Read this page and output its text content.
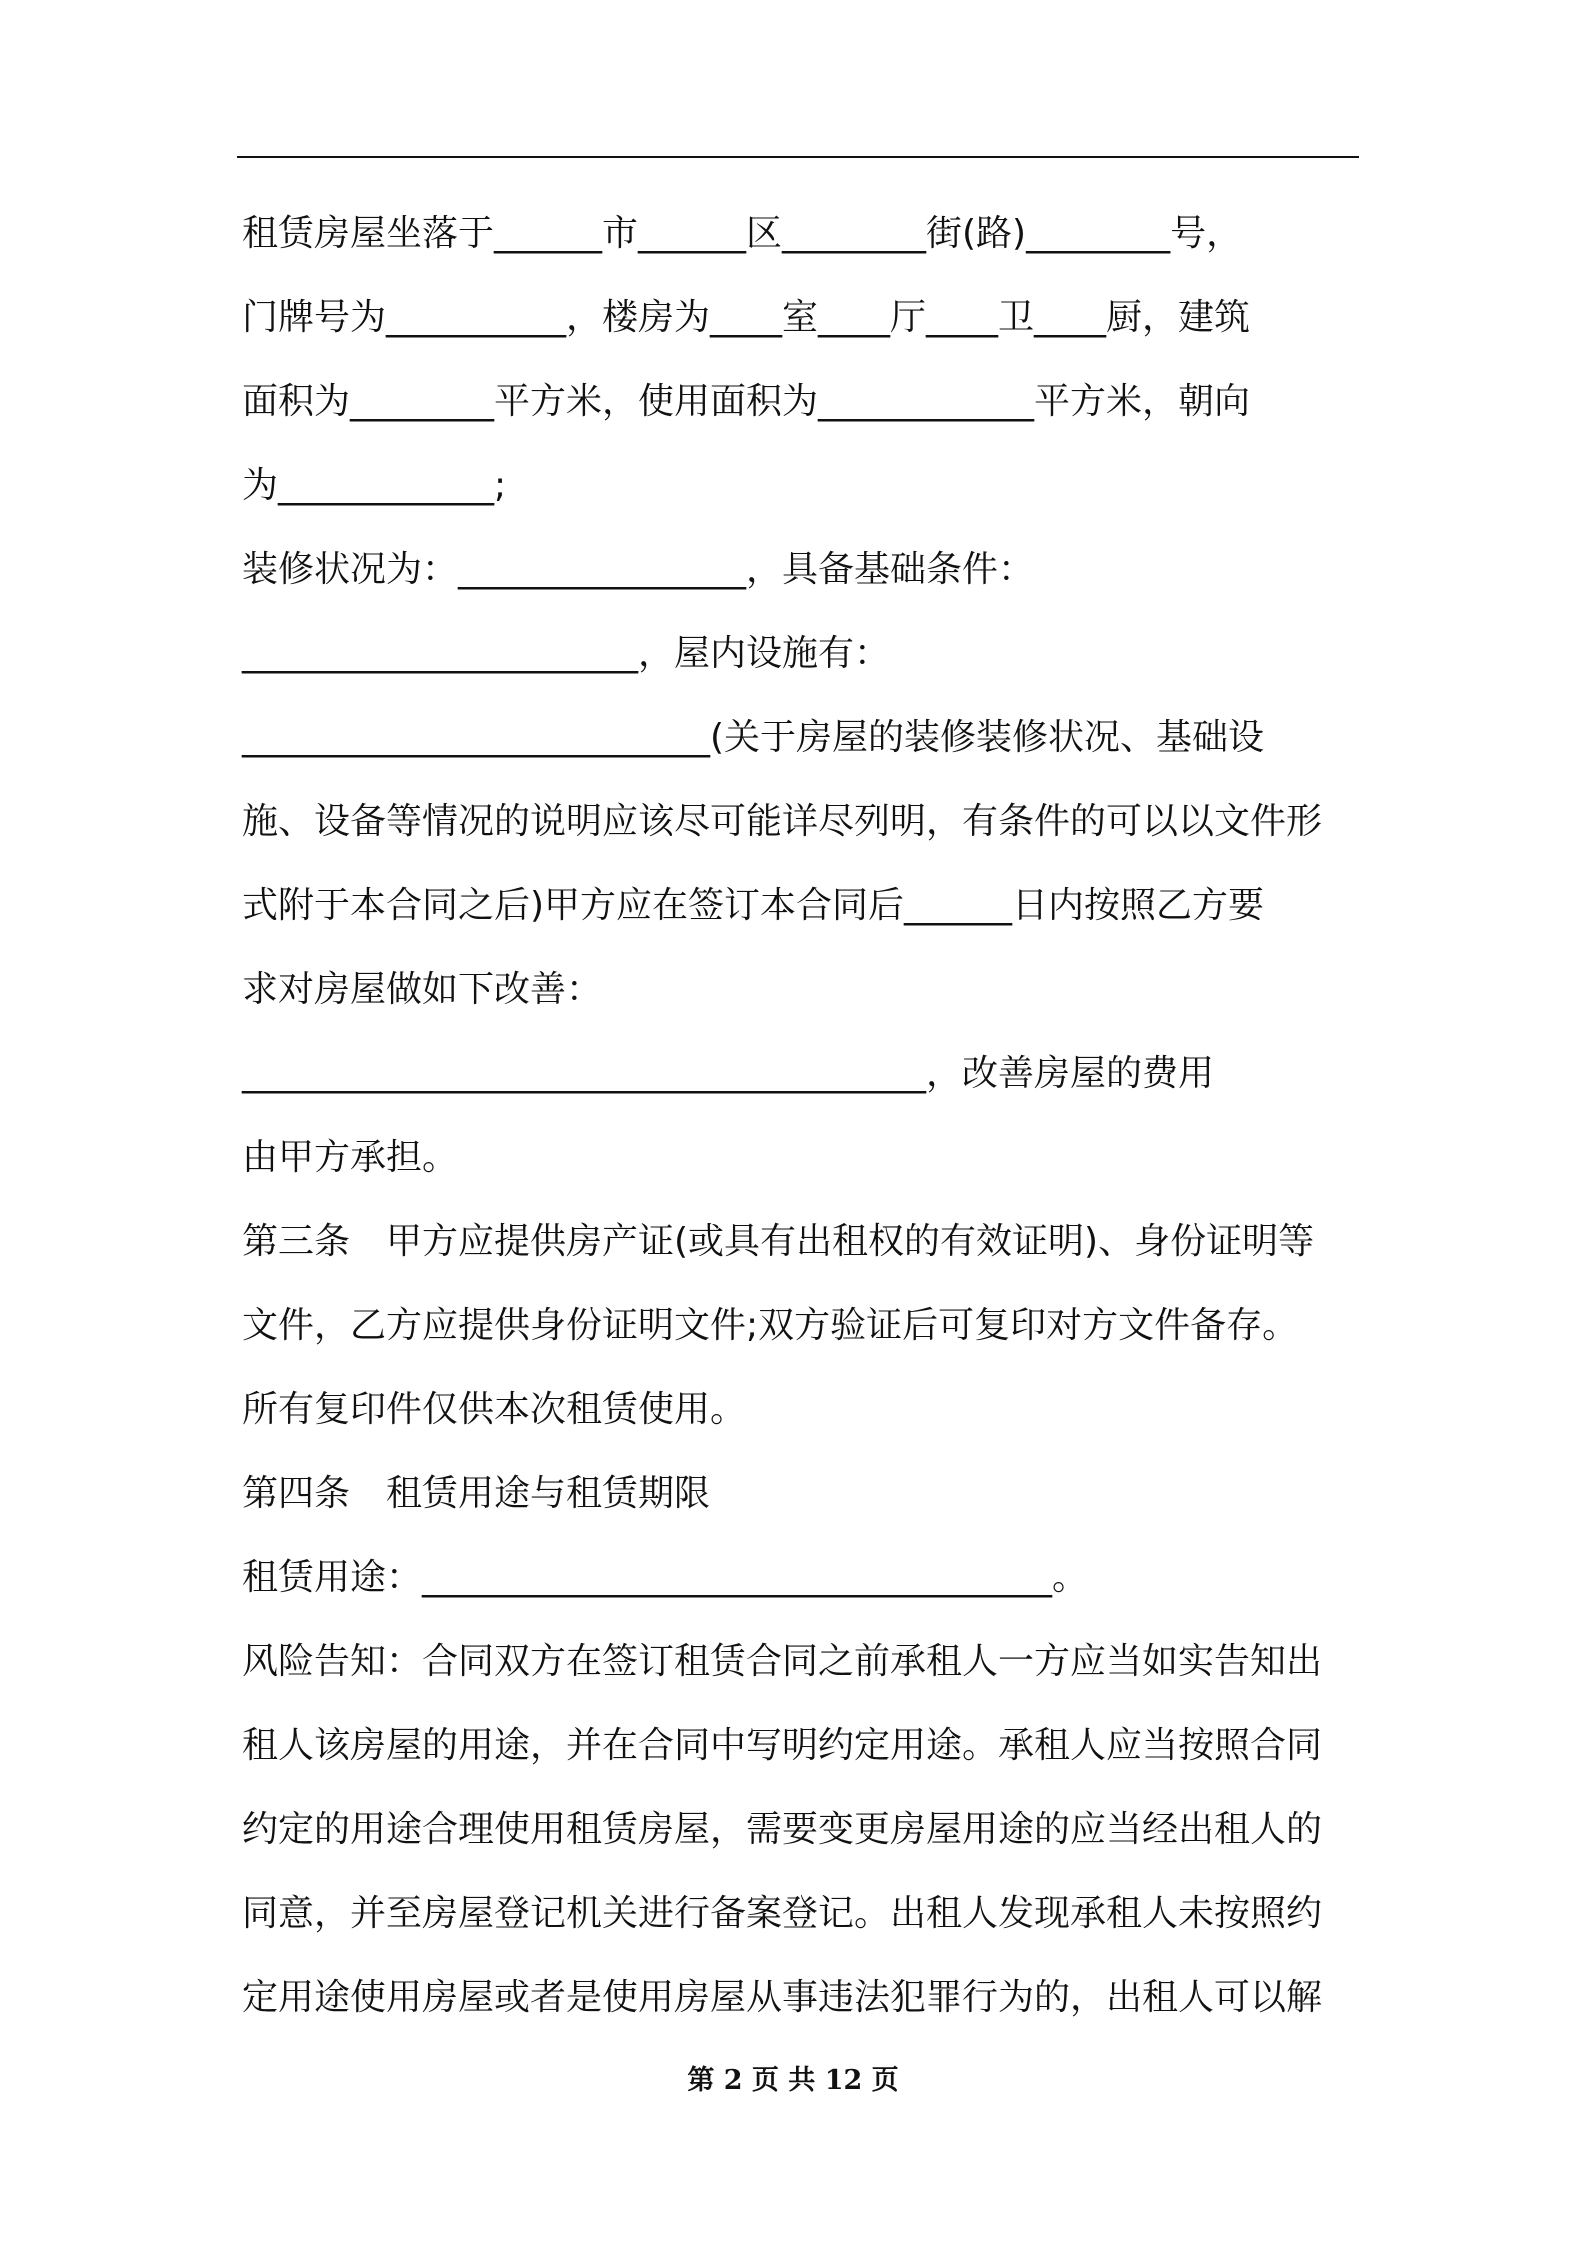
租赁房屋坐落于______市______区________街(路)________号，
门牌号为__________，楼房为____室____厅____卫____厨，建筑
面积为________平方米，使用面积为____________平方米，朝向
为____________;
装修状况为：________________，具备基础条件：
______________________，屋内设施有：
__________________________(关于房屋的装修装修状况、基础设
施、设备等情况的说明应该尽可能详尽列明，有条件的可以以文件形
式附于本合同之后)甲方应在签订本合同后______日内按照乙方要
求对房屋做如下改善：
______________________________________，改善房屋的费用
由甲方承担。
第三条　甲方应提供房产证(或具有出租权的有效证明)、身份证明等
文件，乙方应提供身份证明文件;双方验证后可复印对方文件备存。
所有复印件仅供本次租赁使用。
第四条　租赁用途与租赁期限
租赁用途：___________________________________。
风险告知：合同双方在签订租赁合同之前承租人一方应当如实告知出
租人该房屋的用途，并在合同中写明约定用途。承租人应当按照合同
约定的用途合理使用租赁房屋，需要变更房屋用途的应当经出租人的
同意，并至房屋登记机关进行备案登记。出租人发现承租人未按照约
定用途使用房屋或者是使用房屋从事违法犯罪行为的，出租人可以解
第 2 页 共 12 页
